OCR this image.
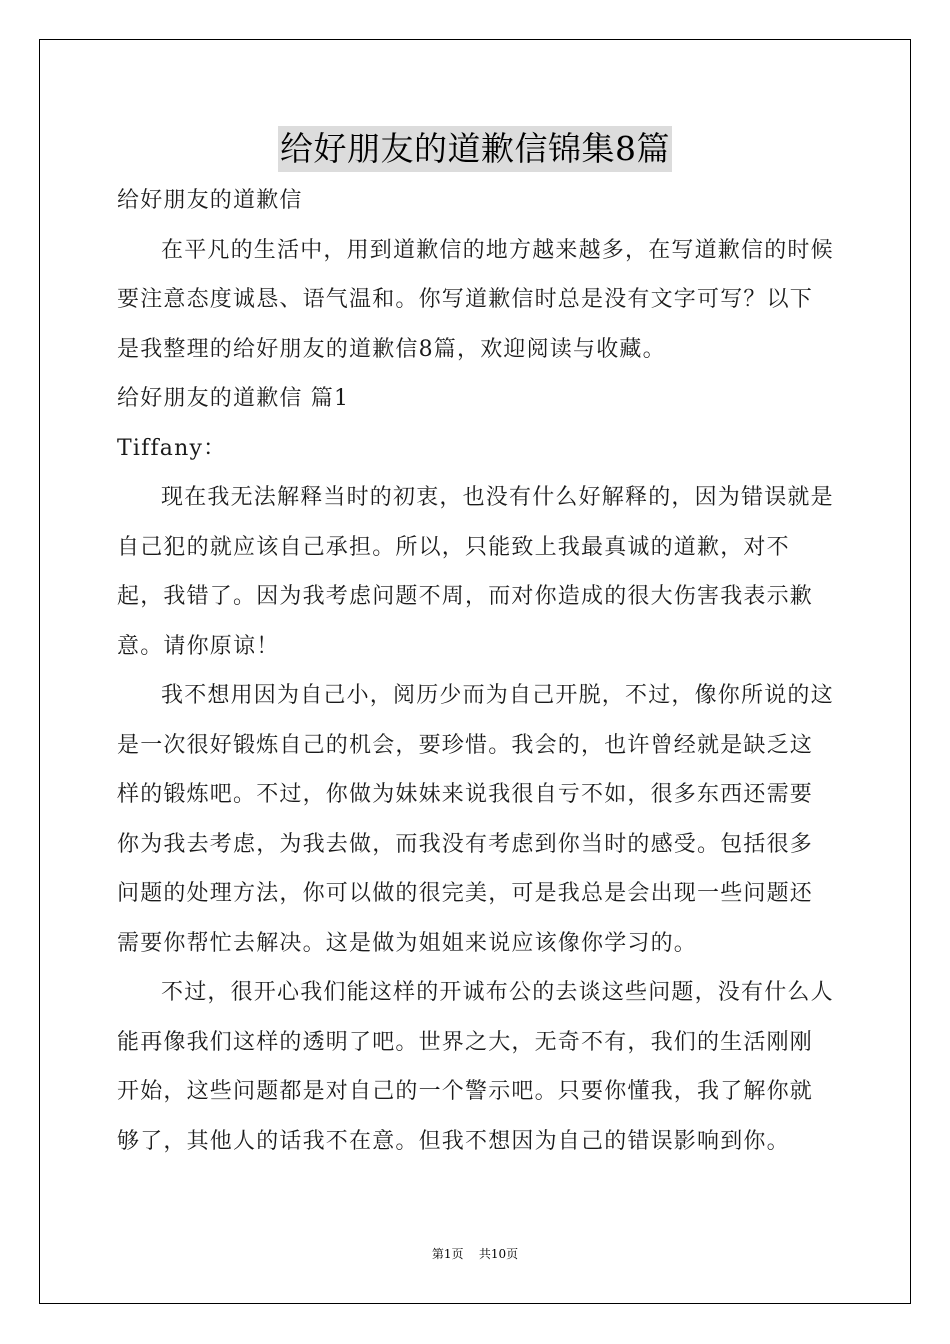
给好朋友的道歉信锦集8篇

给好朋友的道歉信

在平凡的生活中，用到道歉信的地方越来越多，在写道歉信的时候要注意态度诚恳、语气温和。你写道歉信时总是没有文字可写？以下是我整理的给好朋友的道歉信8篇，欢迎阅读与收藏。

给好朋友的道歉信 篇1

Tiffany：

现在我无法解释当时的初衷，也没有什么好解释的，因为错误就是自己犯的就应该自己承担。所以，只能致上我最真诚的道歉，对不起，我错了。因为我考虑问题不周，而对你造成的很大伤害我表示歉意。请你原谅！

我不想用因为自己小，阅历少而为自己开脱，不过，像你所说的这是一次很好锻炼自己的机会，要珍惜。我会的，也许曾经就是缺乏这样的锻炼吧。不过，你做为妹妹来说我很自亏不如，很多东西还需要你为我去考虑，为我去做，而我没有考虑到你当时的感受。包括很多问题的处理方法，你可以做的很完美，可是我总是会出现一些问题还需要你帮忙去解决。这是做为姐姐来说应该像你学习的。

不过，很开心我们能这样的开诚布公的去谈这些问题，没有什么人能再像我们这样的透明了吧。世界之大，无奇不有，我们的生活刚刚开始，这些问题都是对自己的一个警示吧。只要你懂我，我了解你就够了，其他人的话我不在意。但我不想因为自己的错误影响到你。

第1页 共10页
